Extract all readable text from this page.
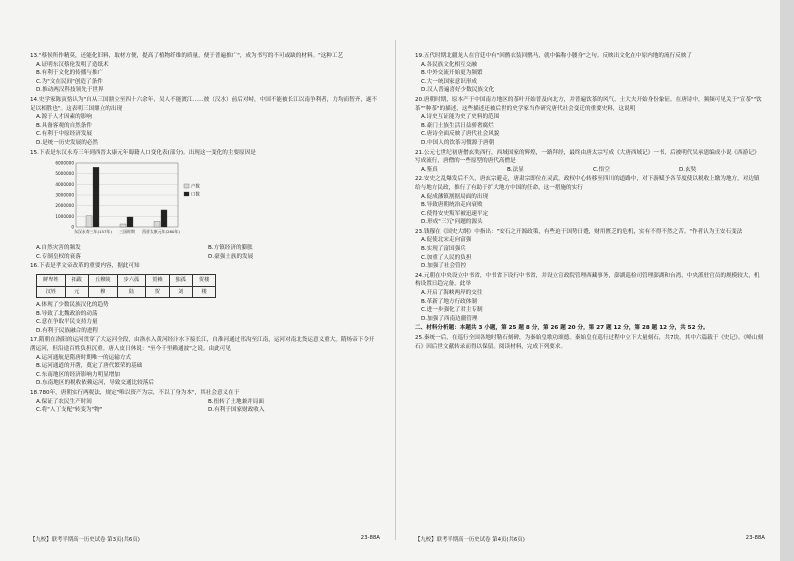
13."蔡侯所作精莫，还能化旧料，取材方便，提高了植物纤维的质量，便于普遍推广"，成为书写的不可或缺的材料。"这种工艺
A.证明东汉蔡伦发明了造纸术
B.有利于文化的传播与推广
C.为"文在民间"创造了条件
D.推动两汉科技领先于世界
14.史学家陈寅恪认为"自从三国鼎立至四十六余年，吴人不能渡江……彼（汉水）前后对峙，中国不能被长江以南争利者，力均而智齐，遂不足以相胜也"。这表明三国鼎立的出现
A.源于人才因素的影响
B.具备客观的自然条件
C.有利于中原经济发展
D.是统一历史发展的必然
15.下表是东汉永寿三年到西晋太康元年蜀籍人口变化表(部分)。出现这一变化的主要原因是
6000000
5000000
4000000
3000000
2000000
1000000
0
东汉永寿三年(157年) 三国时期 西晋太康元年(280年)
户数
口数
A.自然灾害的频发	B.方镇经济的膨胀
C.专制皇权的衰落	D.豪强土族的发展
16.下表是孝文帝改革的重要内容，据此可知
鲜卑姓	拓跋	丘穆陵	步六孤	贺赖	独孤	贺楼
汉姓	元	穆	陆	贺	刘	楼
A.体现了少数民族汉化的趋势
B.导致了北魏政治的动荡
C.意在争取平民支持力量
D.有利于民族融合的进程
17.隋朝在洛阳的运河贯穿了大运河全段，由洛水入黄河经汴水下接长江，自淮河通过邗沟至江南，运河对南北货运意义重大。隋炀帝下令开凿运河，但沿途百姓负担沉重。唐人皮日休说："至今千里赖通波"之说。由此可见
A.运河通航是隋唐时期唯一的运输方式
B.运河通道的开凿，奠定了唐代繁荣的基础
C.东南地区的经济影响力明显增加
D.东南地区的税收依赖运河，导致交通比较落后
18.780年，唐朝实行两税法，规定"唯以资产为宗，不以丁身为本"，其社会意义在于
A.保证了农民生产时间	B.扭转了土地兼并局面
C.将"人丁支配"转变为"物"	D.有利于国家财政收入
【九校】联考半期高一历史试卷 第3页(共6页)	23-88A
19.五代时期北疆龙人在宫廷中有"回鹘衣装回鹘马，就中偏称小腰身"之句。反映出文化在中原内地的流行反映了
A.各民族文化相互交融
B.中外交流开始更为频繁
C.大一统国家意识形成
D.汉人普遍喜好少数民族文化
20.唐朝时期，原本产于中国南方地区的茶叶开始普及向北方，并普遍饮茶的风气，士大夫开始身份象征。在唐诗中，频频可见关于"宣茶""饮茶""种茶"的描述，这些描述还被后世的史学家当作研究唐代社会变迁的重要史料，这说明
A.诗史互证能为史了史料的范围
B.豪门士族生活日益骄奢腐烂
C.唐诗全面反映了唐代社会风貌
D.中国人的饮茶习惯源于唐朝
21.公元七世纪初唐僧玄奘西行，西域国家的辉煌，一路拜经，最终由唐太宗写成《大唐西域记》一书，后被明代吴承恩编成小说《西游记》写成流行，唐僧的一些原型的唐代高僧是
A.鉴真	B.法显	C.悟空	D.玄奘
22.安史之乱爆发后不久，唐玄宗避走，唐肃宗即位在灵武，政权中心转移至四川的道路中，对下游赋予各节度使以税收上缴为地方，对边镇给与地方民政，推行了有助于扩大地方中国的任命，这一措施的实行
A.促成藩镇割据局面的出现
B.导致唐朝统治走向衰败
C.使得安史叛军被迅速平定
D.形成"三冗"问题的源头
23.钱穆在《国史大纲》中指出："安石之开源政策，有些迫于国势日蹙，财用匮乏的危机，实有不得不然之苦。"作者认为王安石变法
A.促使北宋走向富强
B.实现了富国强兵
C.加重了人民的负担
D.加强了社会管控
24.元朝在中央设立中书省，中书省下设行中书省，并设立宣政院管理西藏事务，澎湖巡检司管理澎湖和台湾，中央派驻官员的规模较大，机构设置日趋完备，此举
A.开启了海峡两岸的交往
B.革新了地方行政体制
C.进一步强化了君主专制
D.加强了西南边疆管理
二、材料分析题：本题共 3 小题，第 25 题 8 分，第 26 题 20 分，第 27 题 12 分，第 28 题 12 分，共 52 分。
25.秦统一后，在巡行全国各地时勒石刻碑，为秦始皇歌功颂德。秦始皇在巡行过程中立下大量刻石，共7块，其中六篇载于《史记》。《峄山刻石》因后世文献转录而得以保留。阅读材料，完成下列要求。
【九校】联考半期高一历史试卷 第4页(共6页)	23-88A
